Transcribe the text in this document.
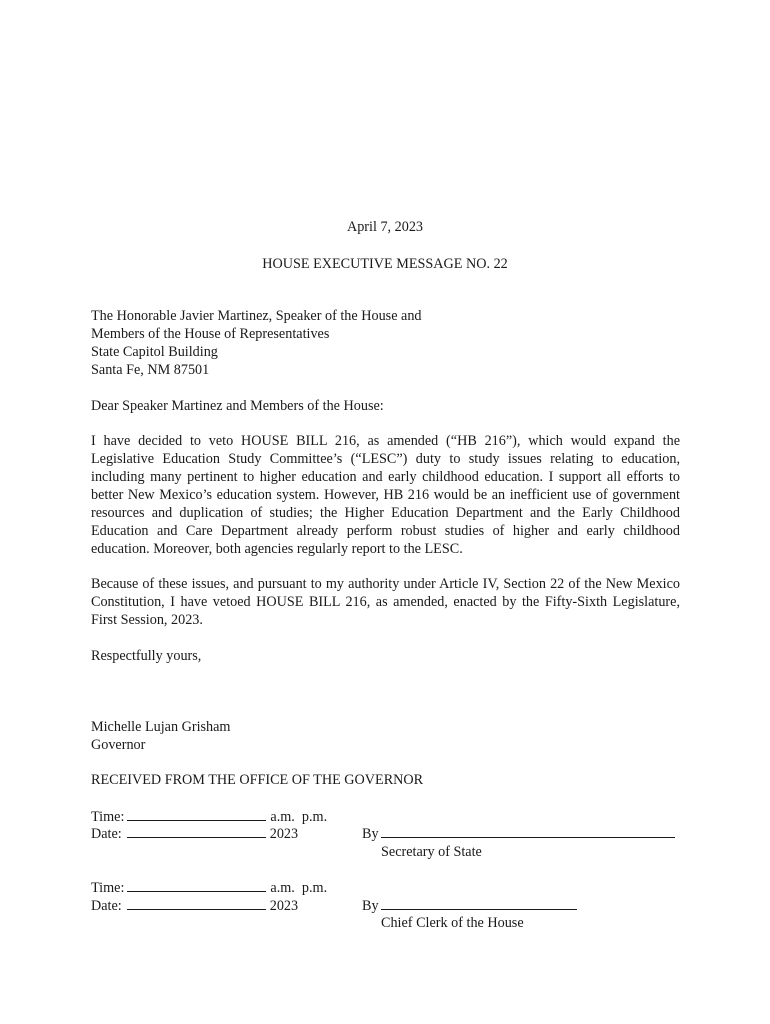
April 7, 2023
HOUSE EXECUTIVE MESSAGE NO. 22
The Honorable Javier Martinez, Speaker of the House and
Members of the House of Representatives
State Capitol Building
Santa Fe, NM 87501
Dear Speaker Martinez and Members of the House:

I have decided to veto HOUSE BILL 216, as amended (“HB 216”), which would expand the Legislative Education Study Committee’s (“LESC”) duty to study issues relating to education, including many pertinent to higher education and early childhood education. I support all efforts to better New Mexico’s education system. However, HB 216 would be an inefficient use of government resources and duplication of studies; the Higher Education Department and the Early Childhood Education and Care Department already perform robust studies of higher and early childhood education. Moreover, both agencies regularly report to the LESC.

Because of these issues, and pursuant to my authority under Article IV, Section 22 of the New Mexico Constitution, I have vetoed HOUSE BILL 216, as amended, enacted by the Fifty-Sixth Legislature, First Session, 2023.

Respectfully yours,
Michelle Lujan Grisham
Governor
RECEIVED FROM THE OFFICE OF THE GOVERNOR
Time:	a.m.  p.m.
Date:	2023	By
Secretary of State
Time:	a.m.  p.m.
Date:	2023	By
Chief Clerk of the House
